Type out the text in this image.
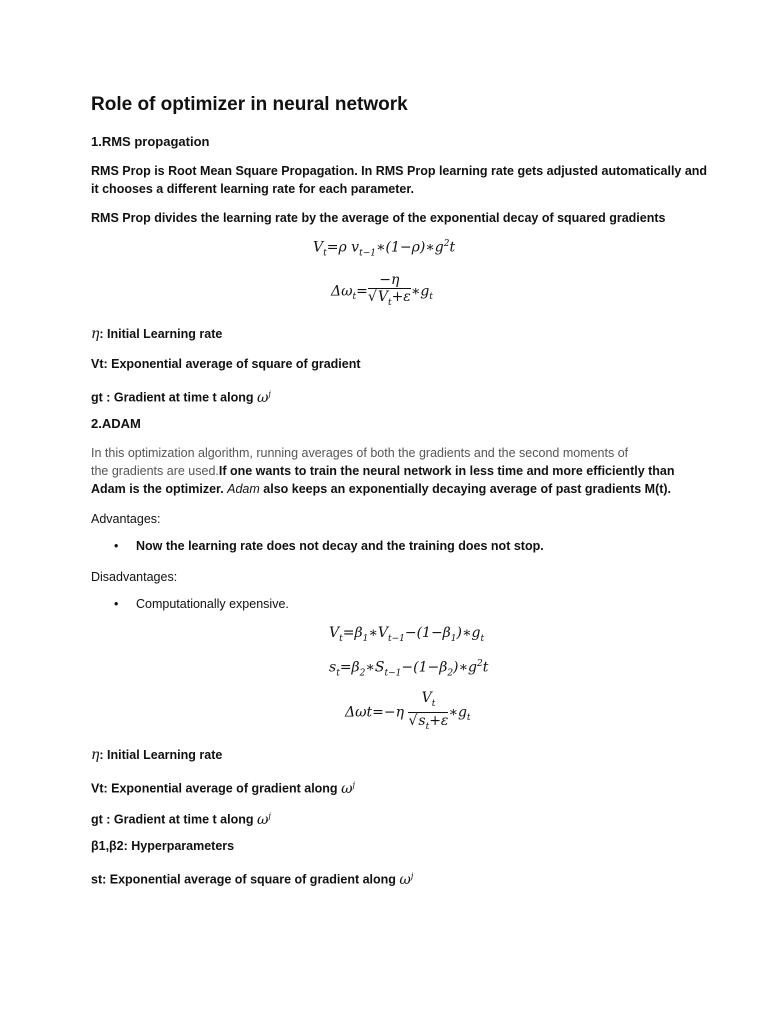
Role of optimizer in neural network
1.RMS propagation
RMS Prop is Root Mean Square Propagation. In RMS Prop learning rate gets adjusted automatically and
it chooses a different learning rate for each parameter.
RMS Prop divides the learning rate by the average of the exponential decay of squared gradients
$V_t=\rho$ $v_{t-1}∗(1-\rho)∗g^2t$
$\Delta\omega_t= \frac{-\eta}{√V_t+\varepsilon}$ $∗g_t$
η: Initial Learning rate
Vt: Exponential average of square of gradient
gt : Gradient at time t along $\omega^j$
2.ADAM
In this optimization algorithm, running averages of both the gradients and the second moments of
the gradients are used.If one wants to train the neural network in less time and more efficiently than
Adam is the optimizer. Adam also keeps an exponentially decaying average of past gradients M(t).
Advantages:
• Now the learning rate does not decay and the training does not stop.
Disadvantages:
• Computationally expensive.
$V_t=\beta_1∗V_{t-1}-(1-\beta_1)∗g_t$
$s_t=\beta_2∗S_{t-1}-(1-\beta_2)∗g^2t$
$\Delta\omega t=-\eta \frac{V_t}{√s_t+\varepsilon}$ $∗g_t$
η: Initial Learning rate
Vt: Exponential average of gradient along $\omega^j$
gt : Gradient at time t along $\omega^j$
β1,β2: Hyperparameters
st: Exponential average of square of gradient along $\omega^j$
